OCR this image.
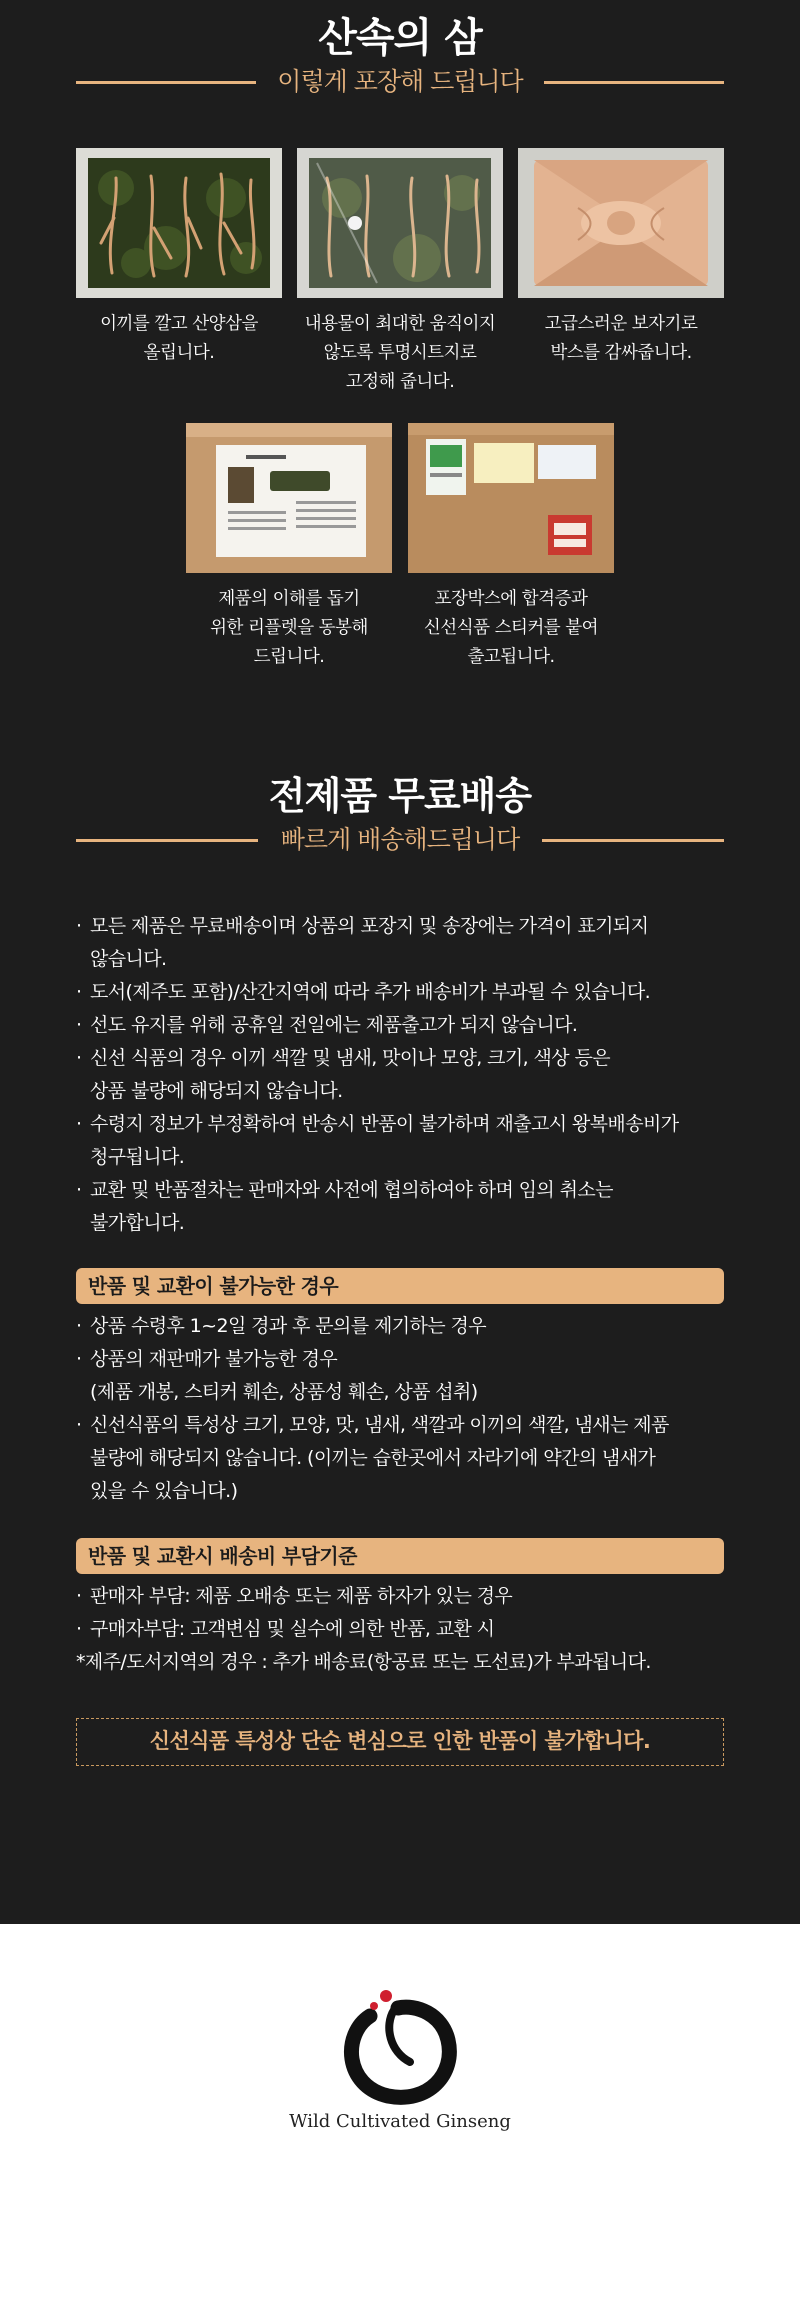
산속의 삼
이렇게 포장해 드립니다
이끼를 깔고 산양삼을
올립니다.
내용물이 최대한 움직이지
않도록 투명시트지로
고정해 줍니다.
고급스러운 보자기로
박스를 감싸줍니다.
제품의 이해를 돕기
위한 리플렛을 동봉해
드립니다.
포장박스에 합격증과
신선식품 스티커를 붙여
출고됩니다.
전제품 무료배송
빠르게 배송해드립니다
· 모든 제품은 무료배송이며 상품의 포장지 및 송장에는 가격이 표기되지
않습니다.
· 도서(제주도 포함)/산간지역에 따라 추가 배송비가 부과될 수 있습니다.
· 선도 유지를 위해 공휴일 전일에는 제품출고가 되지 않습니다.
· 신선 식품의 경우 이끼 색깔 및 냄새, 맛이나 모양, 크기, 색상 등은
상품 불량에 해당되지 않습니다.
· 수령지 정보가 부정확하여 반송시 반품이 불가하며 재출고시 왕복배송비가
청구됩니다.
· 교환 및 반품절차는 판매자와 사전에 협의하여야 하며 임의 취소는
불가합니다.
반품 및 교환이 불가능한 경우
· 상품 수령후 1~2일 경과 후 문의를 제기하는 경우
· 상품의 재판매가 불가능한 경우
(제품 개봉, 스티커 훼손, 상품성 훼손, 상품 섭취)
· 신선식품의 특성상 크기, 모양, 맛, 냄새, 색깔과 이끼의 색깔, 냄새는 제품
불량에 해당되지 않습니다. (이끼는 습한곳에서 자라기에 약간의 냄새가
있을 수 있습니다.)
반품 및 교환시 배송비 부담기준
· 판매자 부담: 제품 오배송 또는 제품 하자가 있는 경우
· 구매자부담: 고객변심 및 실수에 의한 반품, 교환 시
*제주/도서지역의 경우 : 추가 배송료(항공료 또는 도선료)가 부과됩니다.
신선식품 특성상 단순 변심으로 인한 반품이 불가합니다.
Wild Cultivated Ginseng
